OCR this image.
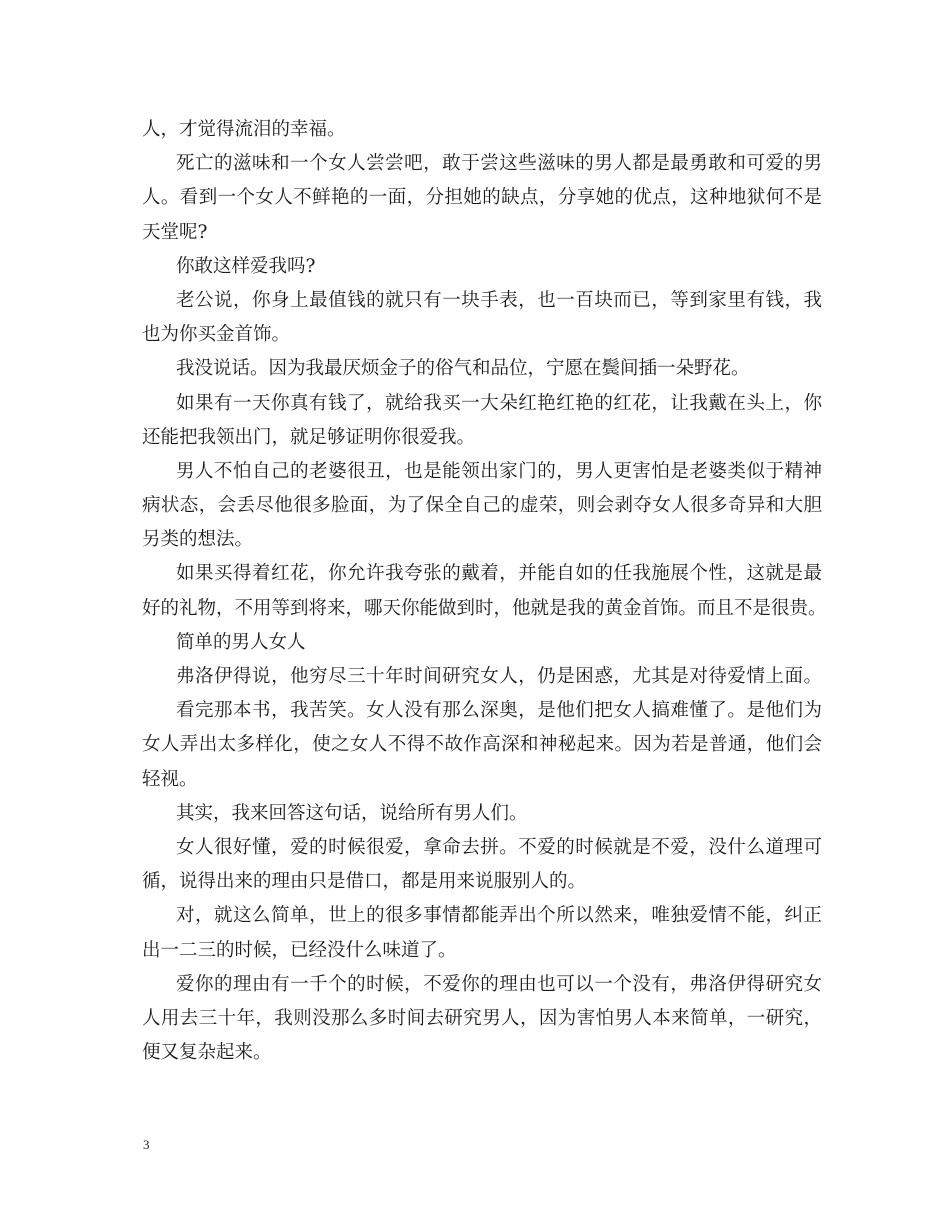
人，才觉得流泪的幸福。
死亡的滋味和一个女人尝尝吧，敢于尝这些滋味的男人都是最勇敢和可爱的男
人。看到一个女人不鲜艳的一面，分担她的缺点，分享她的优点，这种地狱何不是
天堂呢?
你敢这样爱我吗?
老公说，你身上最值钱的就只有一块手表，也一百块而已，等到家里有钱，我
也为你买金首饰。
我没说话。因为我最厌烦金子的俗气和品位，宁愿在鬓间插一朵野花。
如果有一天你真有钱了，就给我买一大朵红艳红艳的红花，让我戴在头上，你
还能把我领出门，就足够证明你很爱我。
男人不怕自己的老婆很丑，也是能领出家门的，男人更害怕是老婆类似于精神
病状态，会丢尽他很多脸面，为了保全自己的虚荣，则会剥夺女人很多奇异和大胆
另类的想法。
如果买得着红花，你允许我夸张的戴着，并能自如的任我施展个性，这就是最
好的礼物，不用等到将来，哪天你能做到时，他就是我的黄金首饰。而且不是很贵。
简单的男人女人
弗洛伊得说，他穷尽三十年时间研究女人，仍是困惑，尤其是对待爱情上面。
看完那本书，我苦笑。女人没有那么深奥，是他们把女人搞难懂了。是他们为
女人弄出太多样化，使之女人不得不故作高深和神秘起来。因为若是普通，他们会
轻视。
其实，我来回答这句话，说给所有男人们。
女人很好懂，爱的时候很爱，拿命去拼。不爱的时候就是不爱，没什么道理可
循，说得出来的理由只是借口，都是用来说服别人的。
对，就这么简单，世上的很多事情都能弄出个所以然来，唯独爱情不能，纠正
出一二三的时候，已经没什么味道了。
爱你的理由有一千个的时候，不爱你的理由也可以一个没有，弗洛伊得研究女
人用去三十年，我则没那么多时间去研究男人，因为害怕男人本来简单，一研究，
便又复杂起来。
3
